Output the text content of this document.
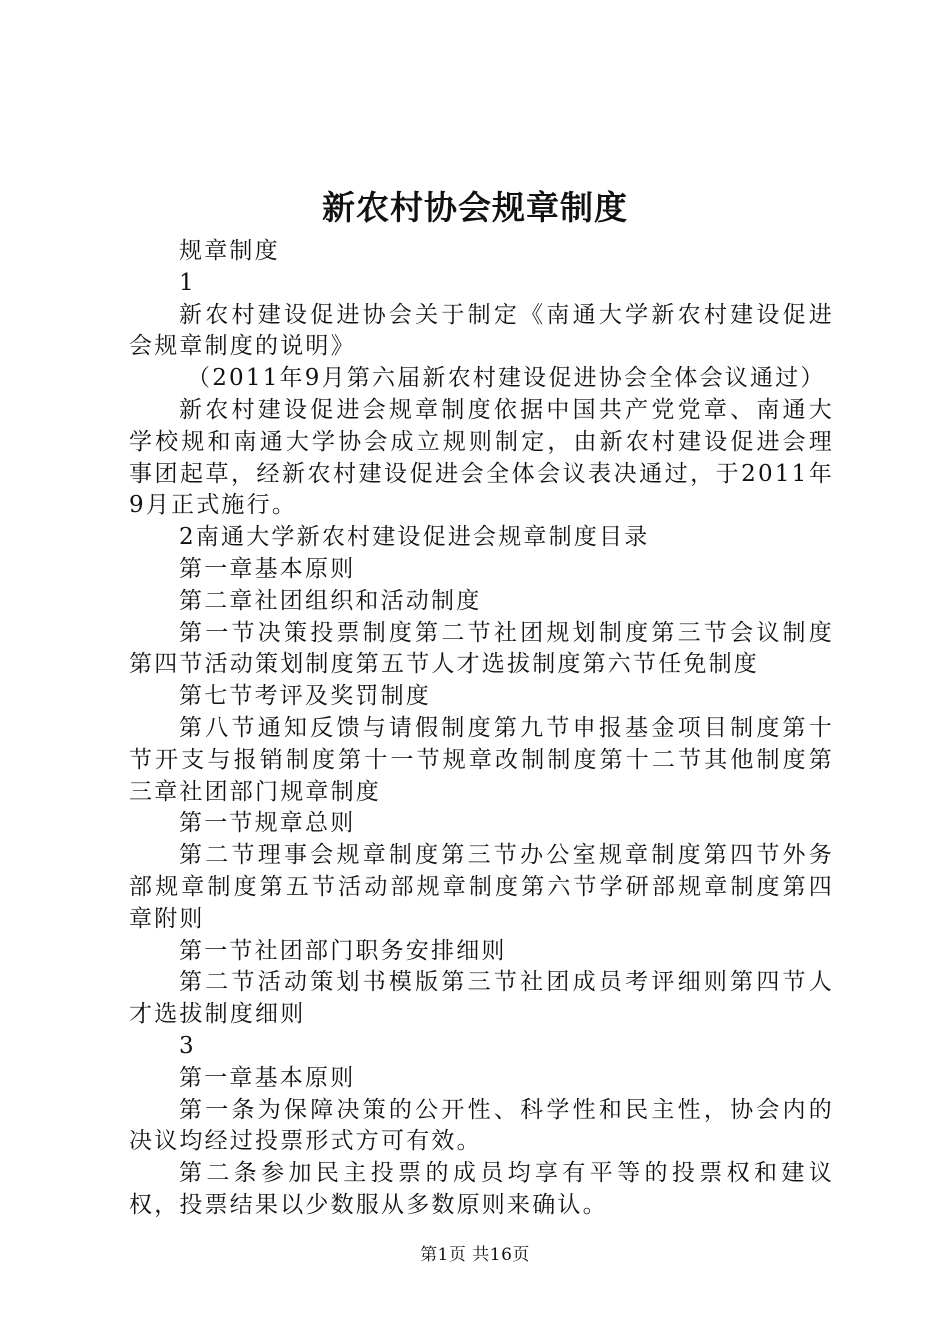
新农村协会规章制度

规章制度

1

新农村建设促进协会关于制定《南通大学新农村建设促进会规章制度的说明》

（2011年9月第六届新农村建设促进协会全体会议通过）

新农村建设促进会规章制度依据中国共产党党章、南通大学校规和南通大学协会成立规则制定，由新农村建设促进会理事团起草，经新农村建设促进会全体会议表决通过，于2011年9月正式施行。

2南通大学新农村建设促进会规章制度目录

第一章基本原则

第二章社团组织和活动制度

第一节决策投票制度第二节社团规划制度第三节会议制度第四节活动策划制度第五节人才选拔制度第六节任免制度

第七节考评及奖罚制度

第八节通知反馈与请假制度第九节申报基金项目制度第十节开支与报销制度第十一节规章改制制度第十二节其他制度第三章社团部门规章制度

第一节规章总则

第二节理事会规章制度第三节办公室规章制度第四节外务部规章制度第五节活动部规章制度第六节学研部规章制度第四章附则

第一节社团部门职务安排细则

第二节活动策划书模版第三节社团成员考评细则第四节人才选拔制度细则

3

第一章基本原则

第一条为保障决策的公开性、科学性和民主性，协会内的决议均经过投票形式方可有效。

第二条参加民主投票的成员均享有平等的投票权和建议权，投票结果以少数服从多数原则来确认。

第1页 共16页
